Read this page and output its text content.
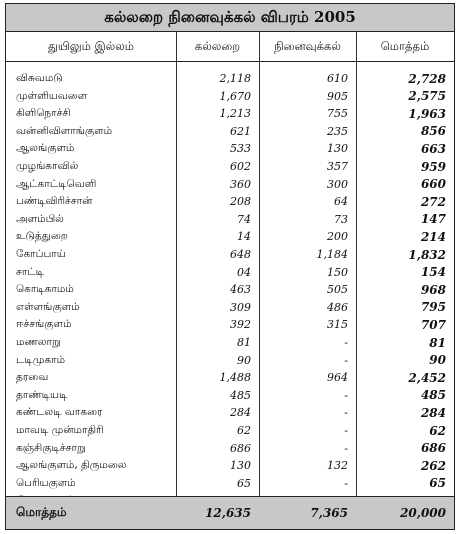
கல்லறை நினைவுக்கல் விபரம் 2005
துயிலும் இல்லம்	கல்லறை	நினைவுக்கல்	மொத்தம்
விசுவமடு	2,118	610	2,728
முள்ளியவளை	1,670	905	2,575
கிளிநொச்சி	1,213	755	1,963
வன்னிவிளாங்குளம்	621	235	856
ஆலங்குளம்	533	130	663
முழங்காவில்	602	357	959
ஆட்காட்டிவெளி	360	300	660
பண்டிவிரிச்சான்	208	64	272
அளம்பில்	74	73	147
உடுத்துறை	14	200	214
கோப்பாய்	648	1,184	1,832
சாட்டி	04	150	154
கொடிகாமம்	463	505	968
எள்ளங்குளம்	309	486	795
ஈச்சங்குளம்	392	315	707
மணலாறு	81	-	81
டடிமுகாம்	90	-	90
தரவை	1,488	964	2,452
தாண்டியடி	485	-	485
கண்டலடி வாகரை	284	-	284
மாவடி முன்மாதிரி	62	-	62
கஞ்சிகுடிச்சாறு	686	-	686
ஆலங்குளம், திருமலை	130	132	262
பெரியகுளம்	65	-	65
மொத்தம்	12,635	7,365	20,000
